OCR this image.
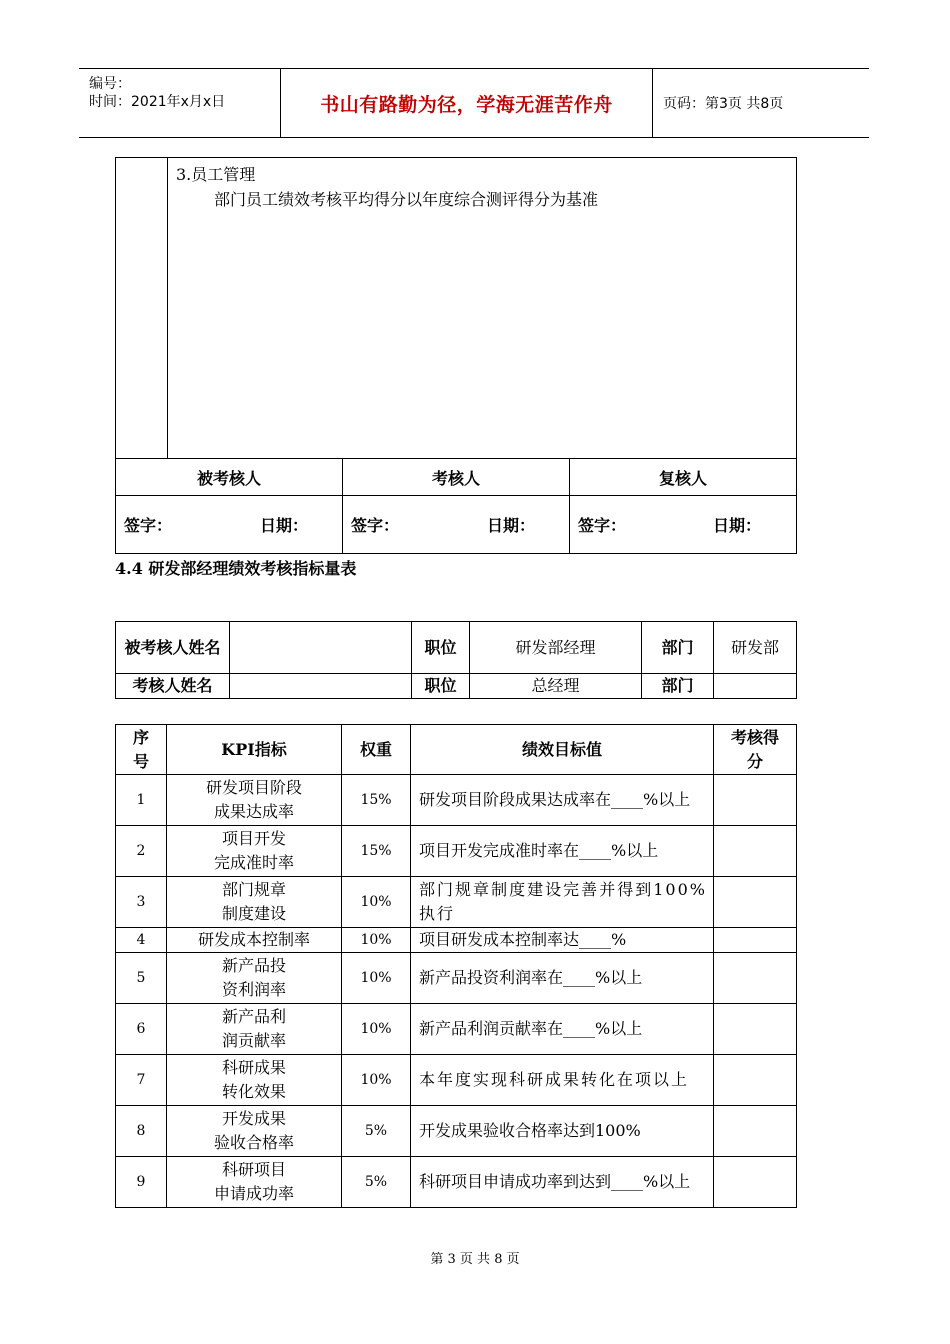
编号：
时间：2021年x月x日	书山有路勤为径，学海无涯苦作舟	页码：第3页 共8页
3.员工管理
部门员工绩效考核平均得分以年度综合测评得分为基准
被考核人	考核人	复核人
签字：	日期：	签字：	日期：	签字：	日期：
4.4 研发部经理绩效考核指标量表
被考核人姓名		职位	研发部经理	部门	研发部
考核人姓名		职位	总经理	部门	
序号	KPI指标	权重	绩效目标值	考核得分
1	研发项目阶段
成果达成率	15%	研发项目阶段成果达成率在____%以上	
2	项目开发
完成准时率	15%	项目开发完成准时率在____%以上	
3	部门规章
制度建设	10%	部门规章制度建设完善并得到100%执行	
4	研发成本控制率	10%	项目研发成本控制率达____%	
5	新产品投
资利润率	10%	新产品投资利润率在____%以上	
6	新产品利
润贡献率	10%	新产品利润贡献率在____%以上	
7	科研成果
转化效果	10%	本年度实现科研成果转化在项以上	
8	开发成果
验收合格率	5%	开发成果验收合格率达到100%	
9	科研项目
申请成功率	5%	科研项目申请成功率到达到____%以上	
第 3 页 共 8 页
